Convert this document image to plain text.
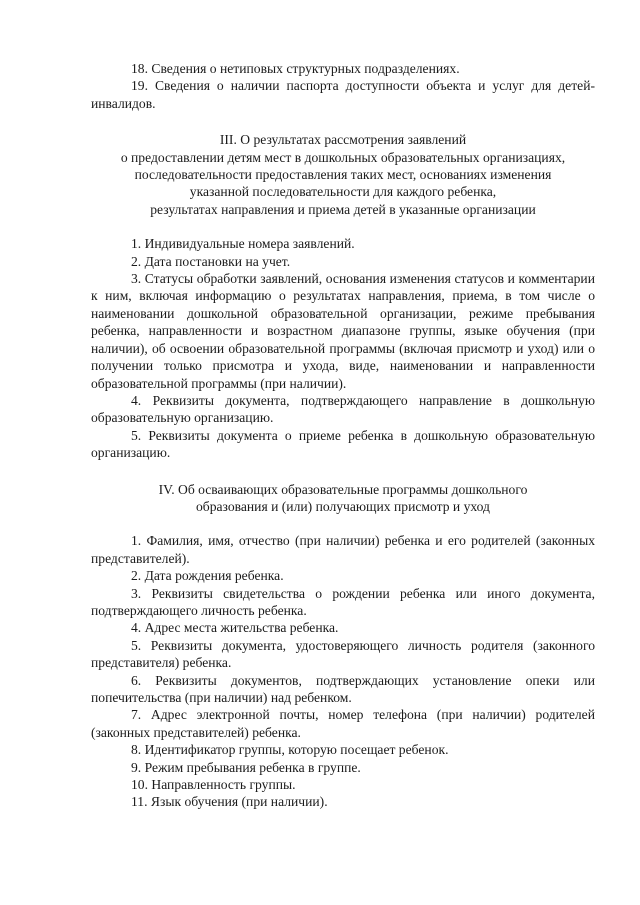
18. Сведения о нетиповых структурных подразделениях.

19. Сведения о наличии паспорта доступности объекта и услуг для детей-инвалидов.

III. О результатах рассмотрения заявлений

о предоставлении детям мест в дошкольных образовательных организациях,

последовательности предоставления таких мест, основаниях изменения

указанной последовательности для каждого ребенка,

результатах направления и приема детей в указанные организации

1. Индивидуальные номера заявлений.

2. Дата постановки на учет.

3. Статусы обработки заявлений, основания изменения статусов и комментарии к ним, включая информацию о результатах направления, приема, в том числе о наименовании дошкольной образовательной организации, режиме пребывания ребенка, направленности и возрастном диапазоне группы, языке обучения (при наличии), об освоении образовательной программы (включая присмотр и уход) или о получении только присмотра и ухода, виде, наименовании и направленности образовательной программы (при наличии).

4. Реквизиты документа, подтверждающего направление в дошкольную образовательную организацию.

5. Реквизиты документа о приеме ребенка в дошкольную образовательную организацию.

IV. Об осваивающих образовательные программы дошкольного

образования и (или) получающих присмотр и уход

1. Фамилия, имя, отчество (при наличии) ребенка и его родителей (законных представителей).

2. Дата рождения ребенка.

3. Реквизиты свидетельства о рождении ребенка или иного документа, подтверждающего личность ребенка.

4. Адрес места жительства ребенка.

5. Реквизиты документа, удостоверяющего личность родителя (законного представителя) ребенка.

6. Реквизиты документов, подтверждающих установление опеки или попечительства (при наличии) над ребенком.

7. Адрес электронной почты, номер телефона (при наличии) родителей (законных представителей) ребенка.

8. Идентификатор группы, которую посещает ребенок.

9. Режим пребывания ребенка в группе.

10. Направленность группы.

11. Язык обучения (при наличии).
